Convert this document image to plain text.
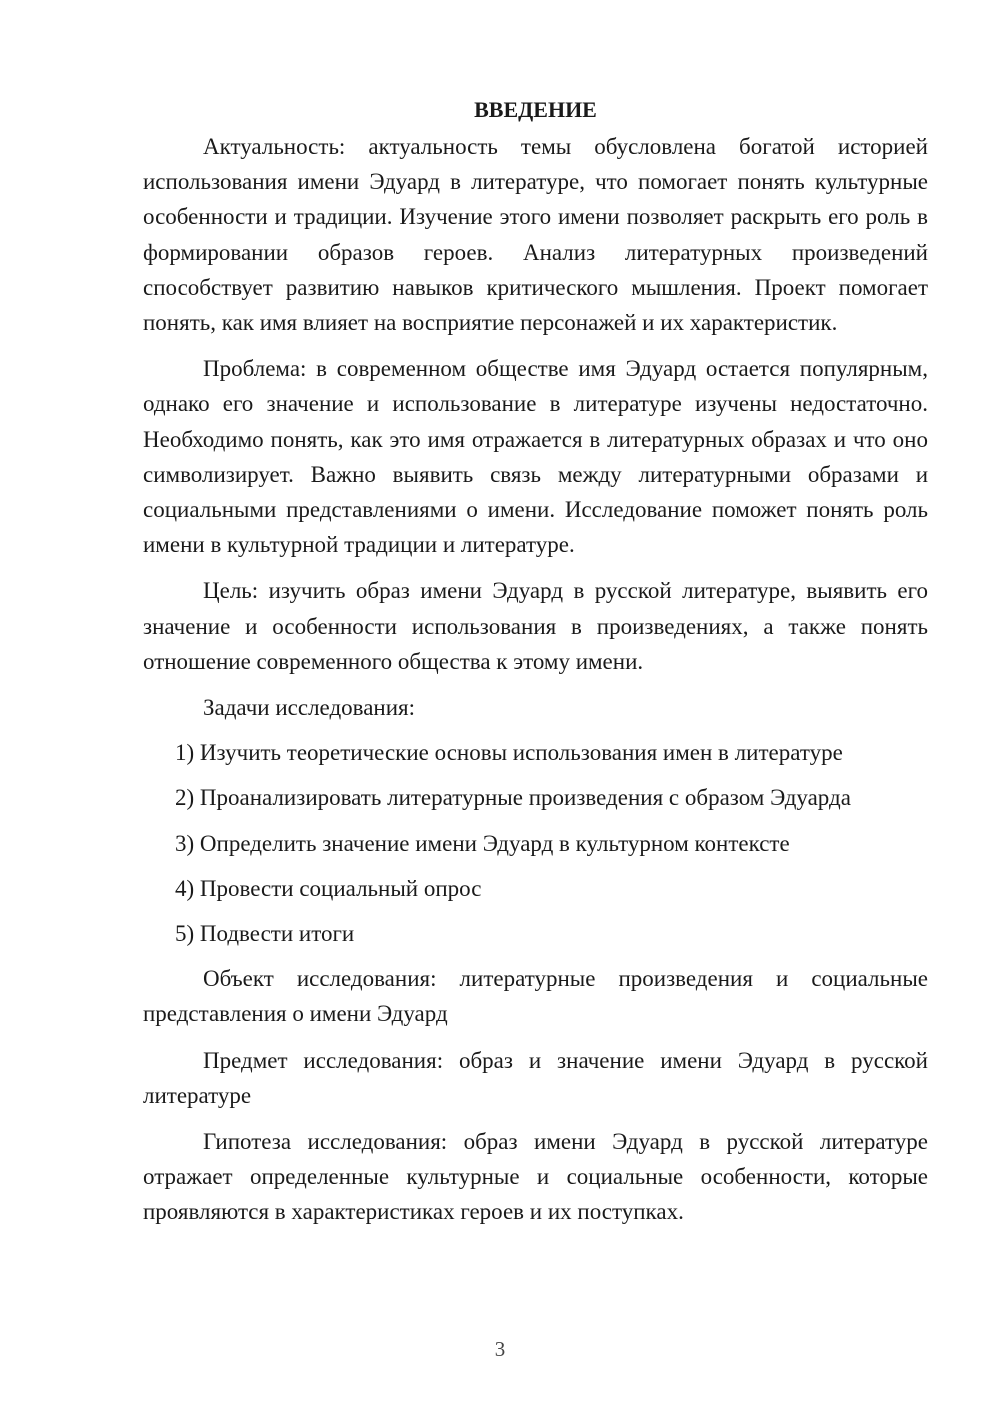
ВВЕДЕНИЕ

Актуальность: актуальность темы обусловлена богатой историей использования имени Эдуард в литературе, что помогает понять культурные особенности и традиции. Изучение этого имени позволяет раскрыть его роль в формировании образов героев. Анализ литературных произведений способствует развитию навыков критического мышления. Проект помогает понять, как имя влияет на восприятие персонажей и их характеристик.

Проблема: в современном обществе имя Эдуард остается популярным, однако его значение и использование в литературе изучены недостаточно. Необходимо понять, как это имя отражается в литературных образах и что оно символизирует. Важно выявить связь между литературными образами и социальными представлениями о имени. Исследование поможет понять роль имени в культурной традиции и литературе.

Цель: изучить образ имени Эдуард в русской литературе, выявить его значение и особенности использования в произведениях, а также понять отношение современного общества к этому имени.

Задачи исследования:

1) Изучить теоретические основы использования имен в литературе

2) Проанализировать литературные произведения с образом Эдуарда

3) Определить значение имени Эдуард в культурном контексте

4) Провести социальный опрос

5) Подвести итоги

Объект исследования: литературные произведения и социальные представления о имени Эдуард

Предмет исследования: образ и значение имени Эдуард в русской литературе

Гипотеза исследования: образ имени Эдуард в русской литературе отражает определенные культурные и социальные особенности, которые проявляются в характеристиках героев и их поступках.

3
